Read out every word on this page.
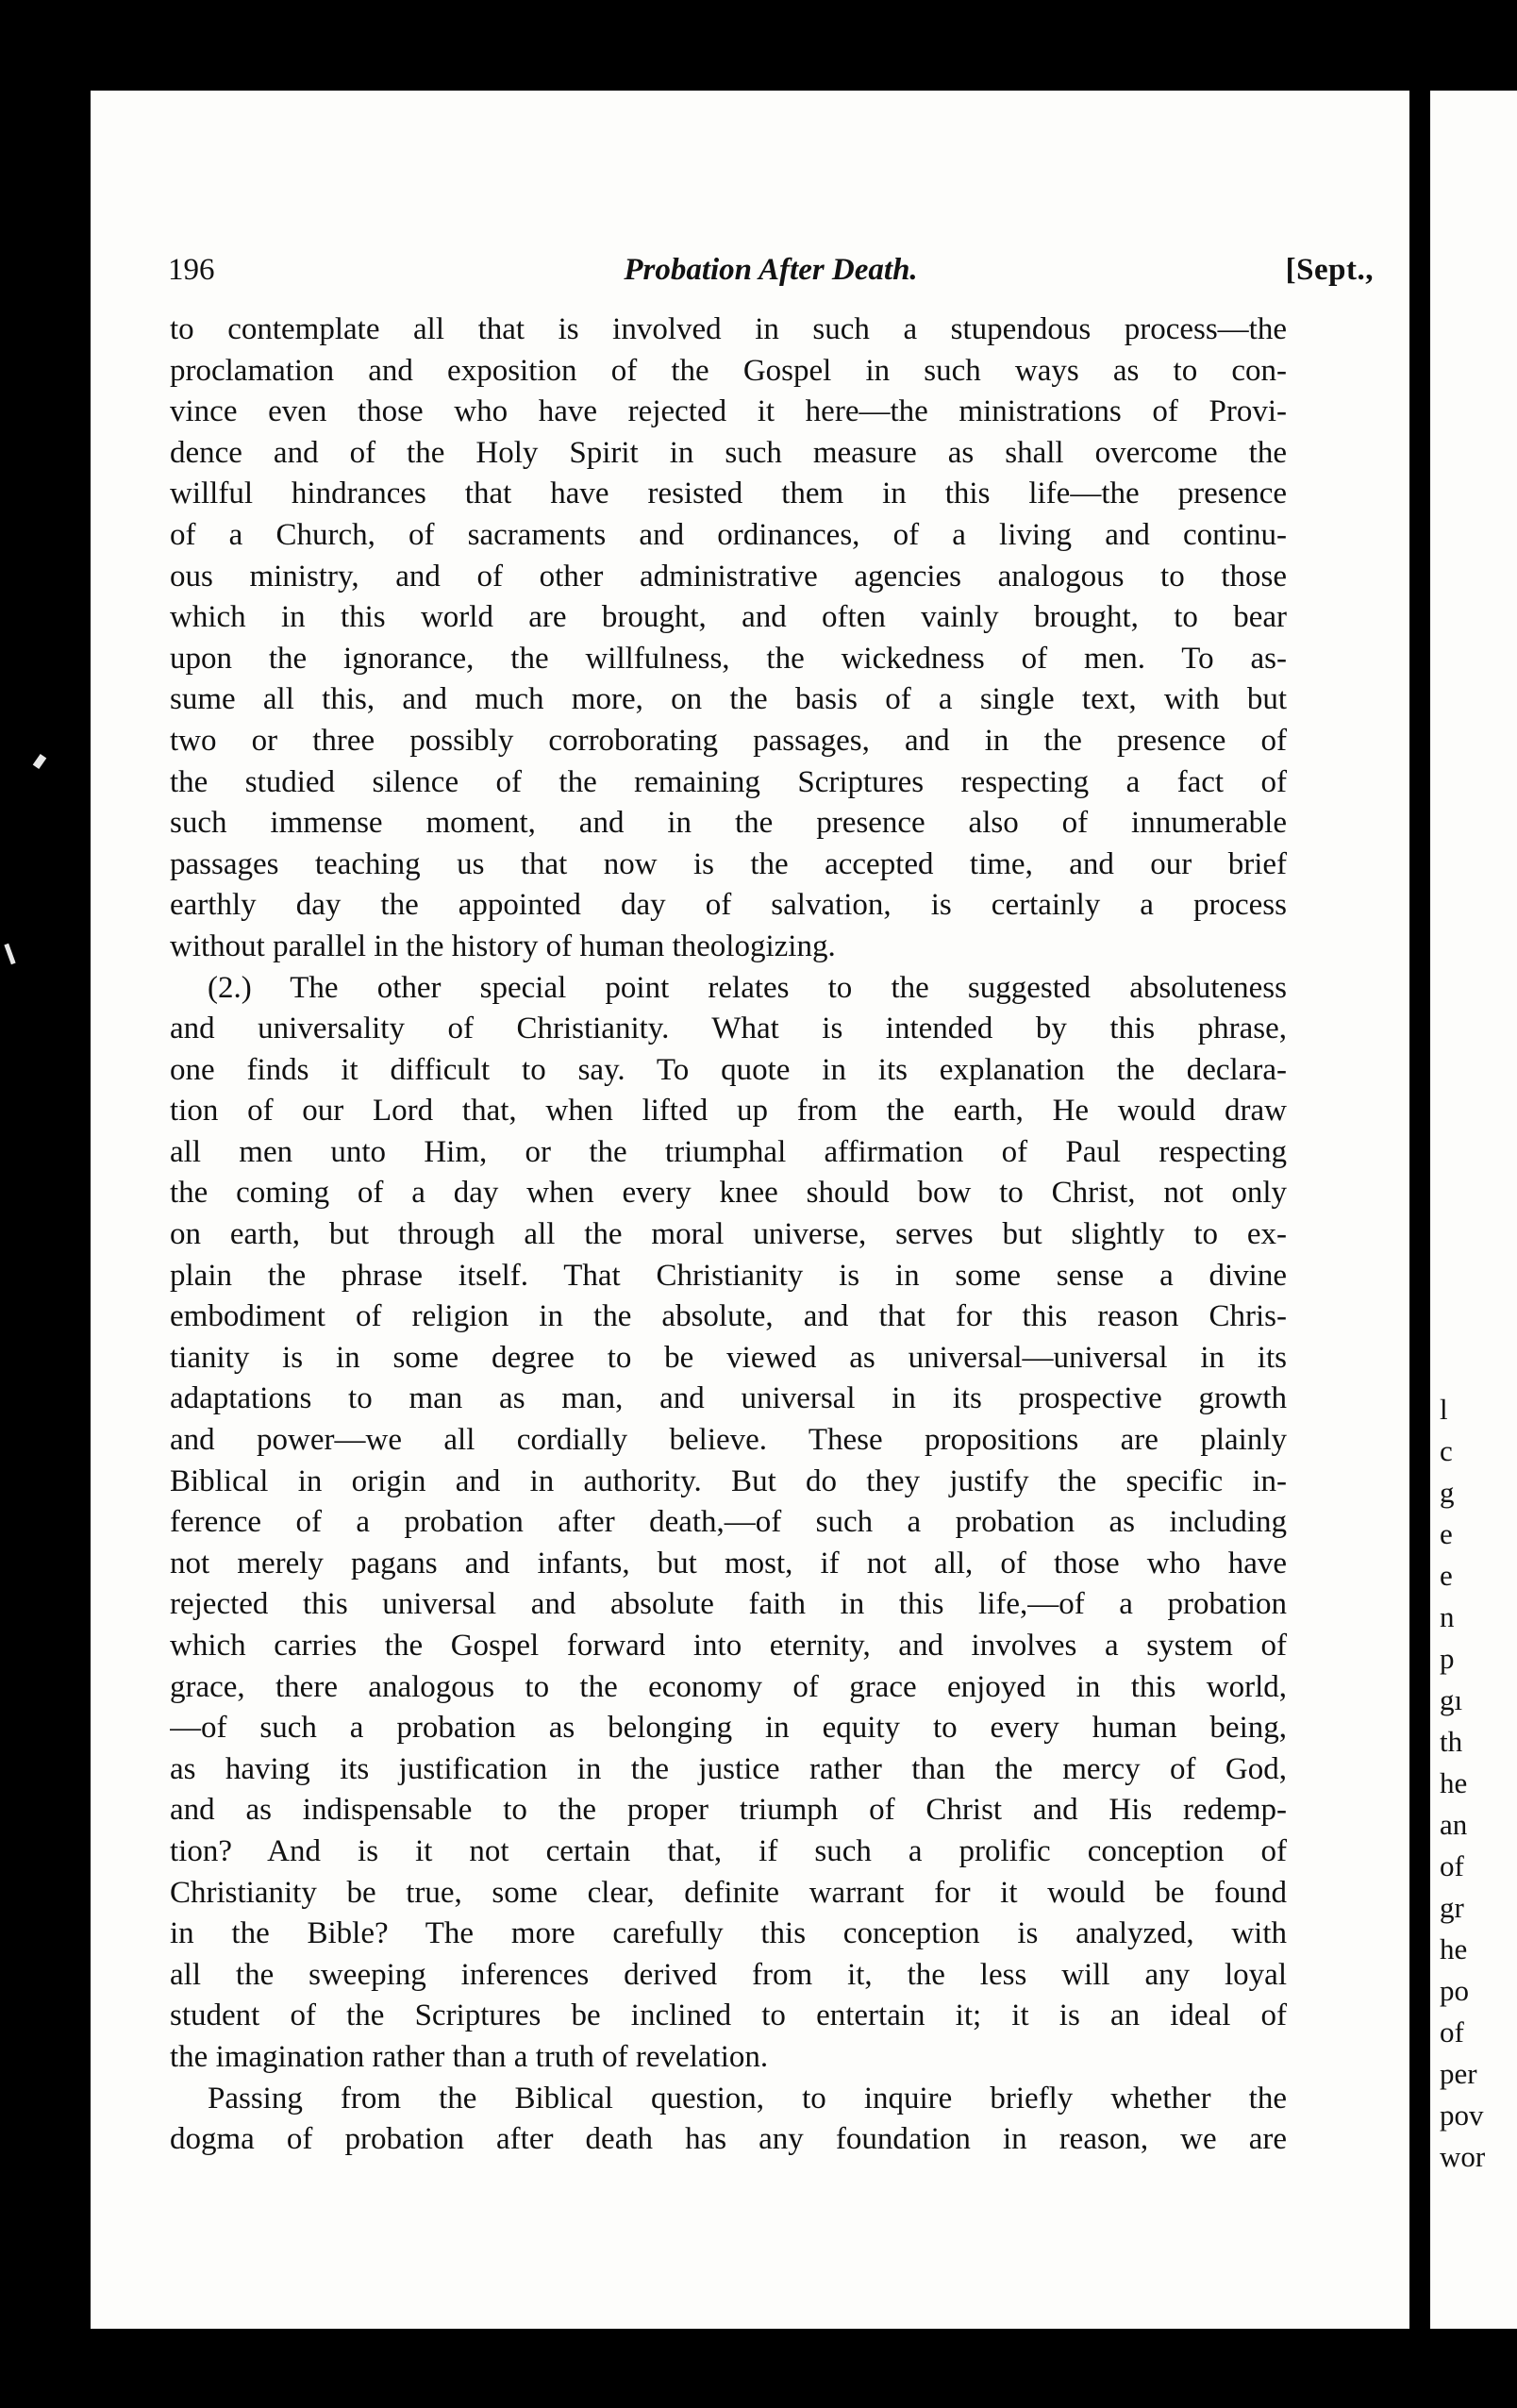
196	Probation After Death.	[Sept.,
to contemplate all that is involved in such a stupendous process—the
proclamation and exposition of the Gospel in such ways as to con-
vince even those who have rejected it here—the ministrations of Provi-
dence and of the Holy Spirit in such measure as shall overcome the
willful hindrances that have resisted them in this life—the presence
of a Church, of sacraments and ordinances, of a living and continu-
ous ministry, and of other administrative agencies analogous to those
which in this world are brought, and often vainly brought, to bear
upon the ignorance, the willfulness, the wickedness of men. To as-
sume all this, and much more, on the basis of a single text, with but
two or three possibly corroborating passages, and in the presence of
the studied silence of the remaining Scriptures respecting a fact of
such immense moment, and in the presence also of innumerable
passages teaching us that now is the accepted time, and our brief
earthly day the appointed day of salvation, is certainly a process
without parallel in the history of human theologizing.
(2.) The other special point relates to the suggested absoluteness
and universality of Christianity. What is intended by this phrase,
one finds it difficult to say. To quote in its explanation the declara-
tion of our Lord that, when lifted up from the earth, He would draw
all men unto Him, or the triumphal affirmation of Paul respecting
the coming of a day when every knee should bow to Christ, not only
on earth, but through all the moral universe, serves but slightly to ex-
plain the phrase itself. That Christianity is in some sense a divine
embodiment of religion in the absolute, and that for this reason Chris-
tianity is in some degree to be viewed as universal—universal in its
adaptations to man as man, and universal in its prospective growth
and power—we all cordially believe. These propositions are plainly
Biblical in origin and in authority. But do they justify the specific in-
ference of a probation after death,—of such a probation as including
not merely pagans and infants, but most, if not all, of those who have
rejected this universal and absolute faith in this life,—of a probation
which carries the Gospel forward into eternity, and involves a system of
grace, there analogous to the economy of grace enjoyed in this world,
—of such a probation as belonging in equity to every human being,
as having its justification in the justice rather than the mercy of God,
and as indispensable to the proper triumph of Christ and His redemp-
tion? And is it not certain that, if such a prolific conception of
Christianity be true, some clear, definite warrant for it would be found
in the Bible? The more carefully this conception is analyzed, with
all the sweeping inferences derived from it, the less will any loyal
student of the Scriptures be inclined to entertain it; it is an ideal of
the imagination rather than a truth of revelation.
Passing from the Biblical question, to inquire briefly whether the
dogma of probation after death has any foundation in reason, we are
l
c
g
e
e
n
p
gı
th
he
an
of
gr
he
po
of
per
pov
wor
